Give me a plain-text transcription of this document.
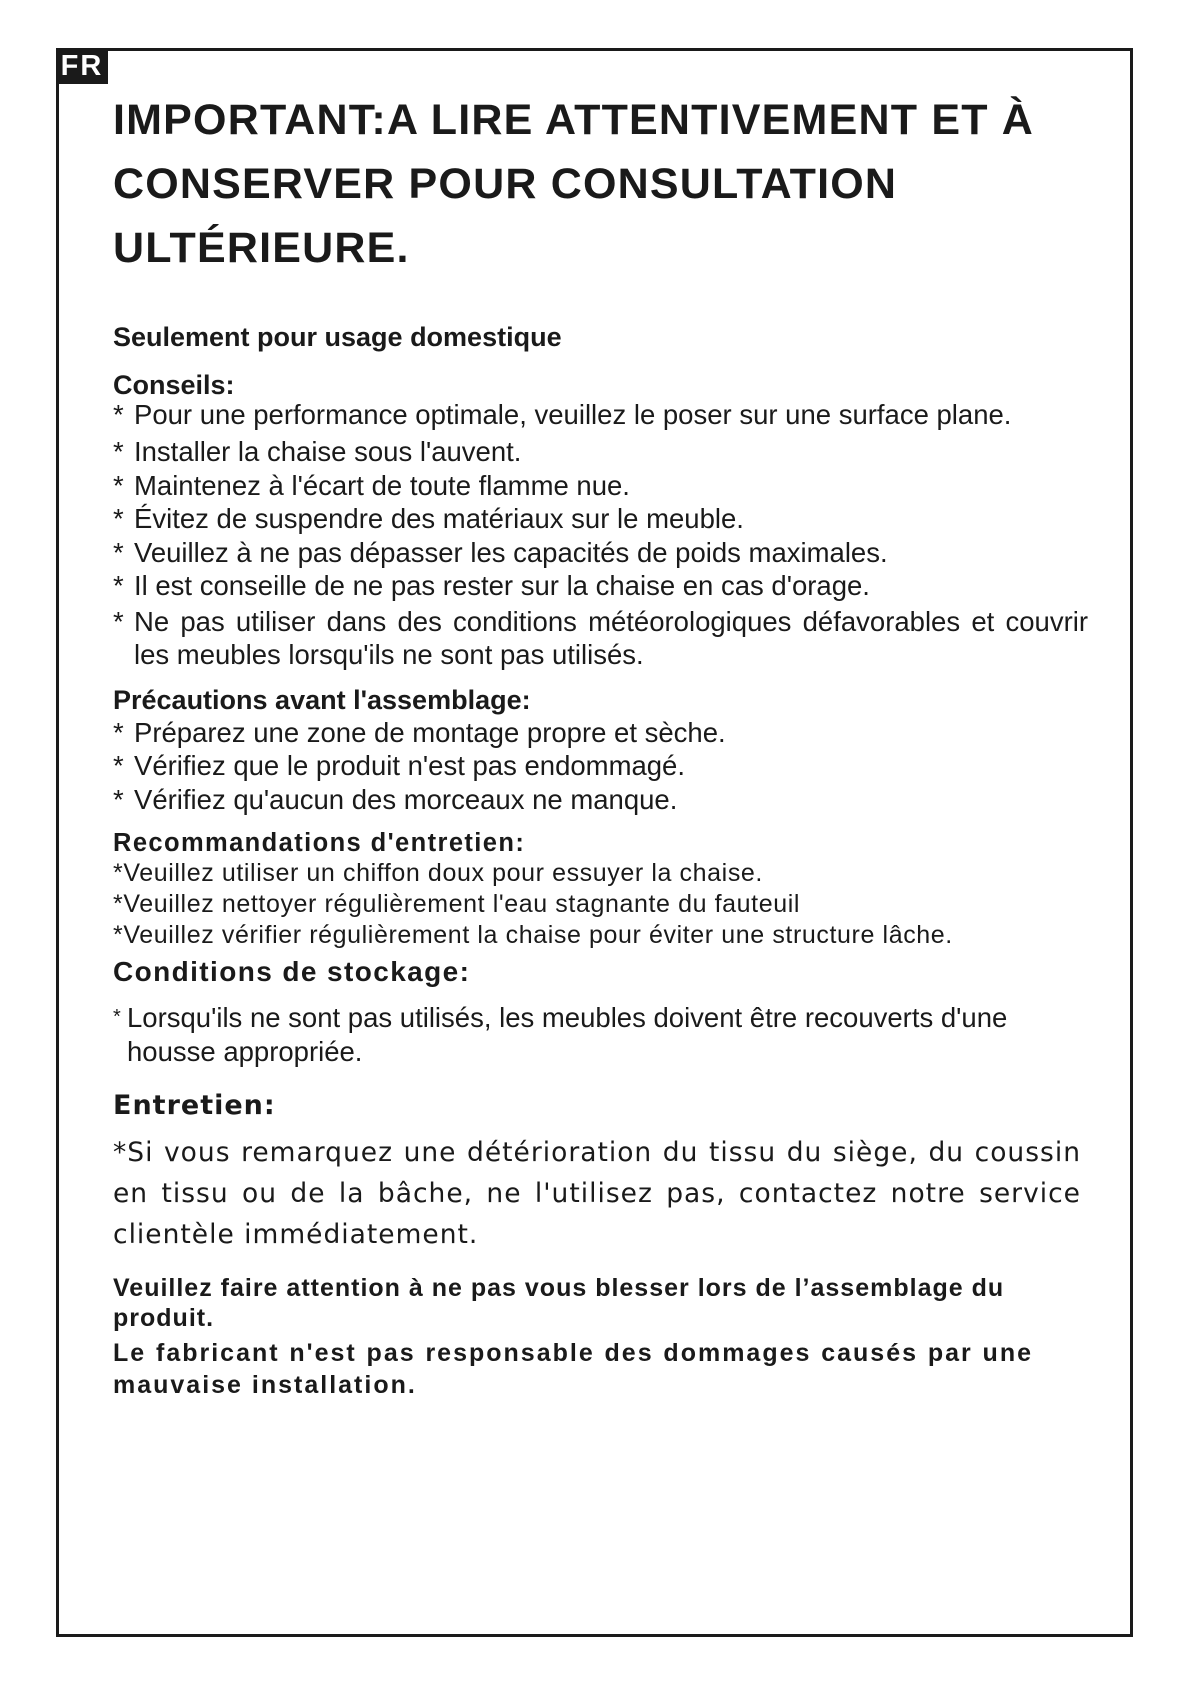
FR
IMPORTANT:A LIRE ATTENTIVEMENT ET À CONSERVER POUR CONSULTATION ULTÉRIEURE.

Seulement pour usage domestique

Conseils:

* Pour une performance optimale, veuillez le poser sur une surface plane.
* Installer la chaise sous l'auvent.
* Maintenez à l'écart de toute flamme nue.
* Évitez de suspendre des matériaux sur le meuble.
* Veuillez à ne pas dépasser les capacités de poids maximales.
* Il est conseille de ne pas rester sur la chaise en cas d'orage.
* Ne pas utiliser dans des conditions météorologiques défavorables et couvrir les meubles lorsqu'ils ne sont pas utilisés.

Précautions avant l'assemblage:

* Préparez une zone de montage propre et sèche.
* Vérifiez que le produit n'est pas endommagé.
* Vérifiez qu'aucun des morceaux ne manque.

Recommandations d'entretien:

*Veuillez utiliser un chiffon doux pour essuyer la chaise.
*Veuillez nettoyer régulièrement l'eau stagnante du fauteuil
*Veuillez vérifier régulièrement la chaise pour éviter une structure lâche.

Conditions de stockage:

* Lorsqu'ils ne sont pas utilisés, les meubles doivent être recouverts d'une housse appropriée.

Entretien:

*Si vous remarquez une détérioration du tissu du siège, du coussin en tissu ou de la bâche, ne l'utilisez pas, contactez notre service clientèle immédiatement.

Veuillez faire attention à ne pas vous blesser lors de l’assemblage du produit.

Le fabricant n'est pas responsable des dommages causés par une mauvaise installation.
